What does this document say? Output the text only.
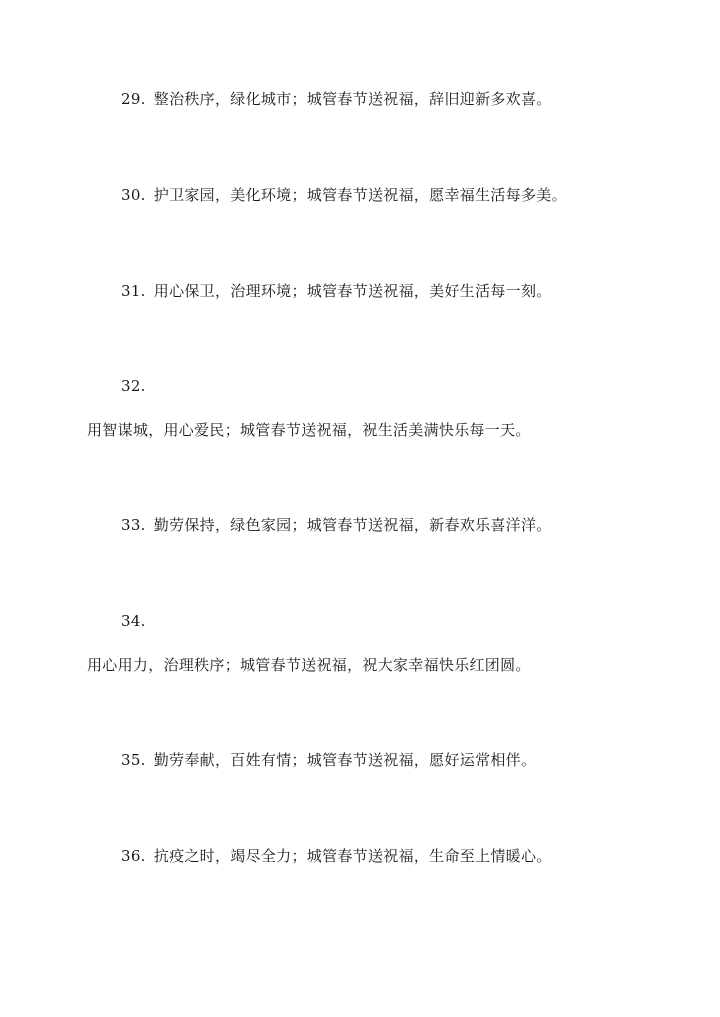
29. 整治秩序，绿化城市；城管春节送祝福，辞旧迎新多欢喜。
30. 护卫家园，美化环境；城管春节送祝福，愿幸福生活每多美。
31. 用心保卫，治理环境；城管春节送祝福，美好生活每一刻。
32.
用智谋城，用心爱民；城管春节送祝福，祝生活美满快乐每一天。
33. 勤劳保持，绿色家园；城管春节送祝福，新春欢乐喜洋洋。
34.
用心用力，治理秩序；城管春节送祝福，祝大家幸福快乐红团圆。
35. 勤劳奉献，百姓有情；城管春节送祝福，愿好运常相伴。
36. 抗疫之时，竭尽全力；城管春节送祝福，生命至上情暖心。
